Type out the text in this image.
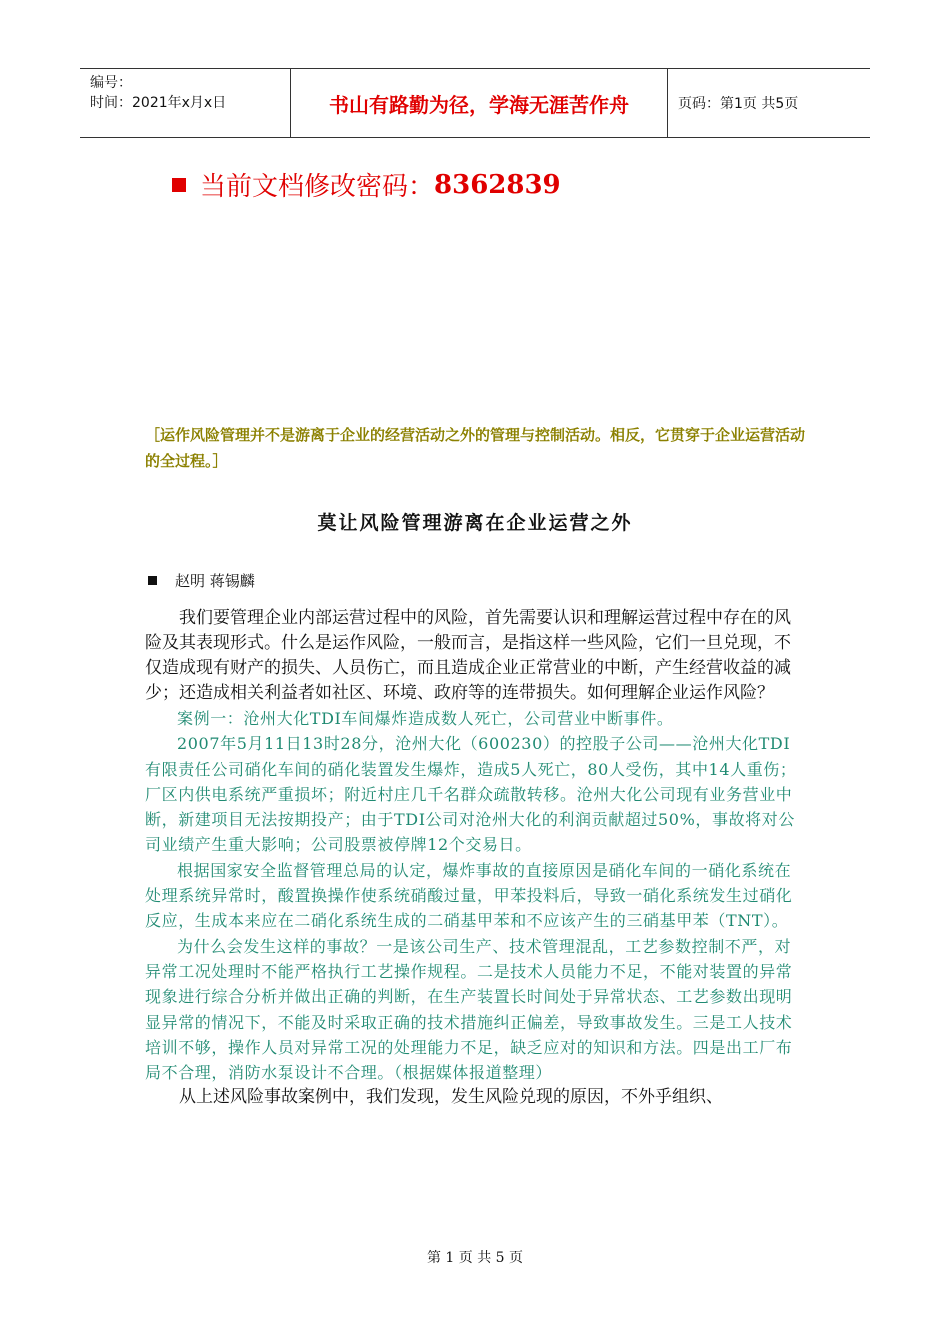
编号：
时间：2021年x月x日	书山有路勤为径，学海无涯苦作舟	页码：第1页 共5页
当前文档修改密码： 8362839
［运作风险管理并不是游离于企业的经营活动之外的管理与控制活动。相反，它贯穿于企业运营活动的全过程。］
莫让风险管理游离在企业运营之外
赵明 蒋锡麟

我们要管理企业内部运营过程中的风险，首先需要认识和理解运营过程中存在的风险及其表现形式。什么是运作风险，一般而言，是指这样一些风险，它们一旦兑现，不仅造成现有财产的损失、人员伤亡，而且造成企业正常营业的中断，产生经营收益的减少；还造成相关利益者如社区、环境、政府等的连带损失。如何理解企业运作风险？

案例一：沧州大化TDI车间爆炸造成数人死亡，公司营业中断事件。

2007年5月11日13时28分，沧州大化（600230）的控股子公司——沧州大化TDI有限责任公司硝化车间的硝化装置发生爆炸，造成5人死亡，80人受伤，其中14人重伤；厂区内供电系统严重损坏；附近村庄几千名群众疏散转移。沧州大化公司现有业务营业中断，新建项目无法按期投产；由于TDI公司对沧州大化的利润贡献超过50%，事故将对公司业绩产生重大影响；公司股票被停牌12个交易日。

根据国家安全监督管理总局的认定，爆炸事故的直接原因是硝化车间的一硝化系统在处理系统异常时，酸置换操作使系统硝酸过量，甲苯投料后，导致一硝化系统发生过硝化反应，生成本来应在二硝化系统生成的二硝基甲苯和不应该产生的三硝基甲苯（TNT）。

为什么会发生这样的事故？一是该公司生产、技术管理混乱，工艺参数控制不严，对异常工况处理时不能严格执行工艺操作规程。二是技术人员能力不足，不能对装置的异常现象进行综合分析并做出正确的判断，在生产装置长时间处于异常状态、工艺参数出现明显异常的情况下，不能及时采取正确的技术措施纠正偏差，导致事故发生。三是工人技术培训不够，操作人员对异常工况的处理能力不足，缺乏应对的知识和方法。四是出工厂布局不合理，消防水泵设计不合理。（根据媒体报道整理）

从上述风险事故案例中，我们发现，发生风险兑现的原因，不外乎组织、

第 1 页 共 5 页
